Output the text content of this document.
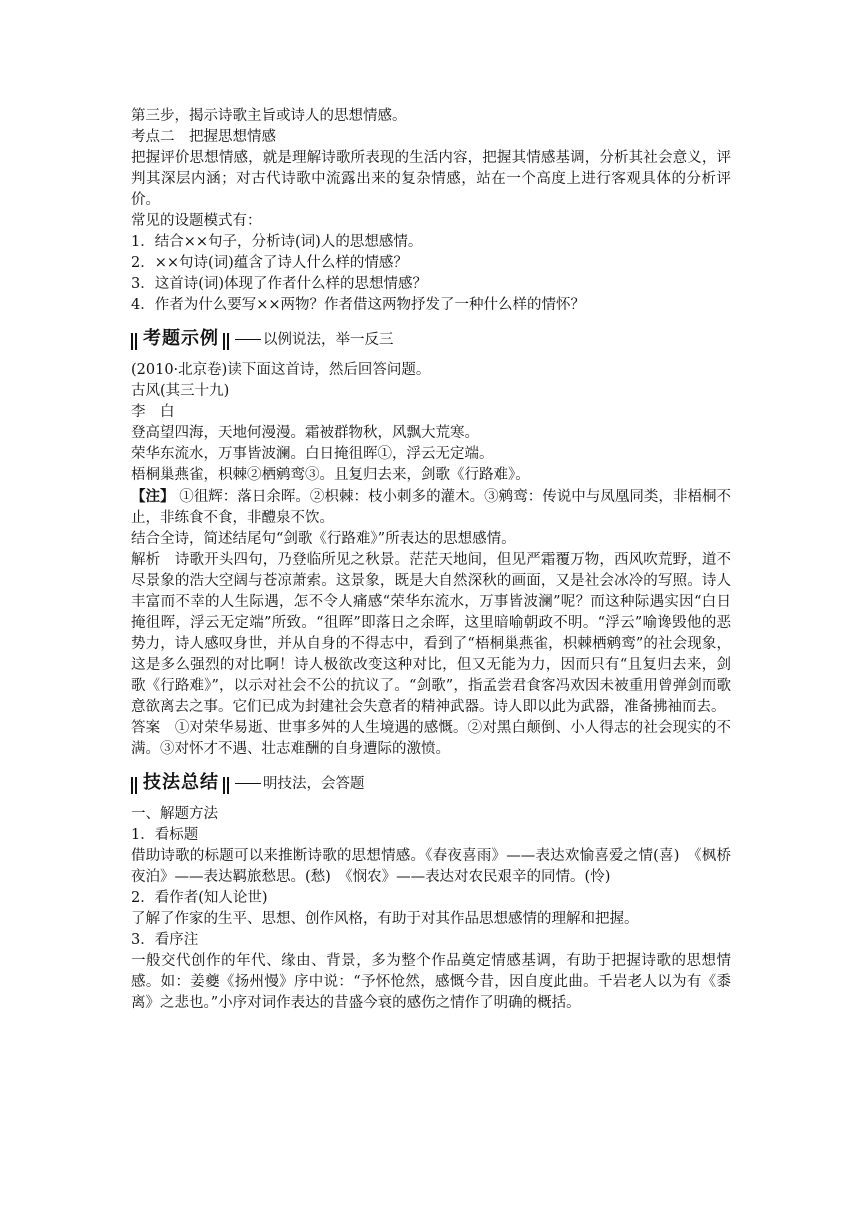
第三步，揭示诗歌主旨或诗人的思想情感。
考点二　把握思想情感
把握评价思想情感，就是理解诗歌所表现的生活内容，把握其情感基调，分析其社会意义，评判其深层内涵；对古代诗歌中流露出来的复杂情感，站在一个高度上进行客观具体的分析评价。
常见的设题模式有：
1．结合××句子，分析诗(词)人的思想感情。
2．××句诗(词)蕴含了诗人什么样的情感？
3．这首诗(词)体现了作者什么样的思想情感？
4．作者为什么要写××两物？作者借这两物抒发了一种什么样的情怀？
考题示例	以例说法，举一反三
(2010·北京卷)读下面这首诗，然后回答问题。
古风(其三十九)
李　白
登高望四海，天地何漫漫。霜被群物秋，风飘大荒寒。
荣华东流水，万事皆波澜。白日掩徂晖①，浮云无定端。
梧桐巢燕雀，枳棘②栖鹓鸾③。且复归去来，剑歌《行路难》。
【注】 ①徂辉：落日余晖。②枳棘：枝小刺多的灌木。③鹓鸾：传说中与凤凰同类，非梧桐不止，非练食不食，非醴泉不饮。
结合全诗，简述结尾句“剑歌《行路难》”所表达的思想感情。
解析　诗歌开头四句，乃登临所见之秋景。茫茫天地间，但见严霜覆万物，西风吹荒野，道不尽景象的浩大空阔与苍凉萧索。这景象，既是大自然深秋的画面，又是社会冰冷的写照。诗人丰富而不幸的人生际遇，怎不令人痛感“荣华东流水，万事皆波澜”呢？而这种际遇实因“白日掩徂晖，浮云无定端”所致。“徂晖”即落日之余晖，这里暗喻朝政不明。“浮云”喻谗毁他的恶势力，诗人感叹身世，并从自身的不得志中，看到了“梧桐巢燕雀，枳棘栖鹓鸾”的社会现象，这是多么强烈的对比啊！诗人极欲改变这种对比，但又无能为力，因而只有“且复归去来，剑歌《行路难》”，以示对社会不公的抗议了。“剑歌”，指孟尝君食客冯欢因未被重用曾弹剑而歌意欲离去之事。它们已成为封建社会失意者的精神武器。诗人即以此为武器，准备拂袖而去。
答案　①对荣华易逝、世事多舛的人生境遇的感慨。②对黑白颠倒、小人得志的社会现实的不满。③对怀才不遇、壮志难酬的自身遭际的激愤。
技法总结	明技法，会答题
一、解题方法
1．看标题
借助诗歌的标题可以来推断诗歌的思想情感。《春夜喜雨》——表达欢愉喜爱之情(喜)　《枫桥夜泊》——表达羁旅愁思。(愁)　《悯农》——表达对农民艰辛的同情。(怜)
2．看作者(知人论世)
了解了作家的生平、思想、创作风格，有助于对其作品思想感情的理解和把握。
3．看序注
一般交代创作的年代、缘由、背景，多为整个作品奠定情感基调，有助于把握诗歌的思想情感。如：姜夔《扬州慢》序中说：“予怀怆然，感慨今昔，因自度此曲。千岩老人以为有《黍离》之悲也。”小序对词作表达的昔盛今衰的感伤之情作了明确的概括。
